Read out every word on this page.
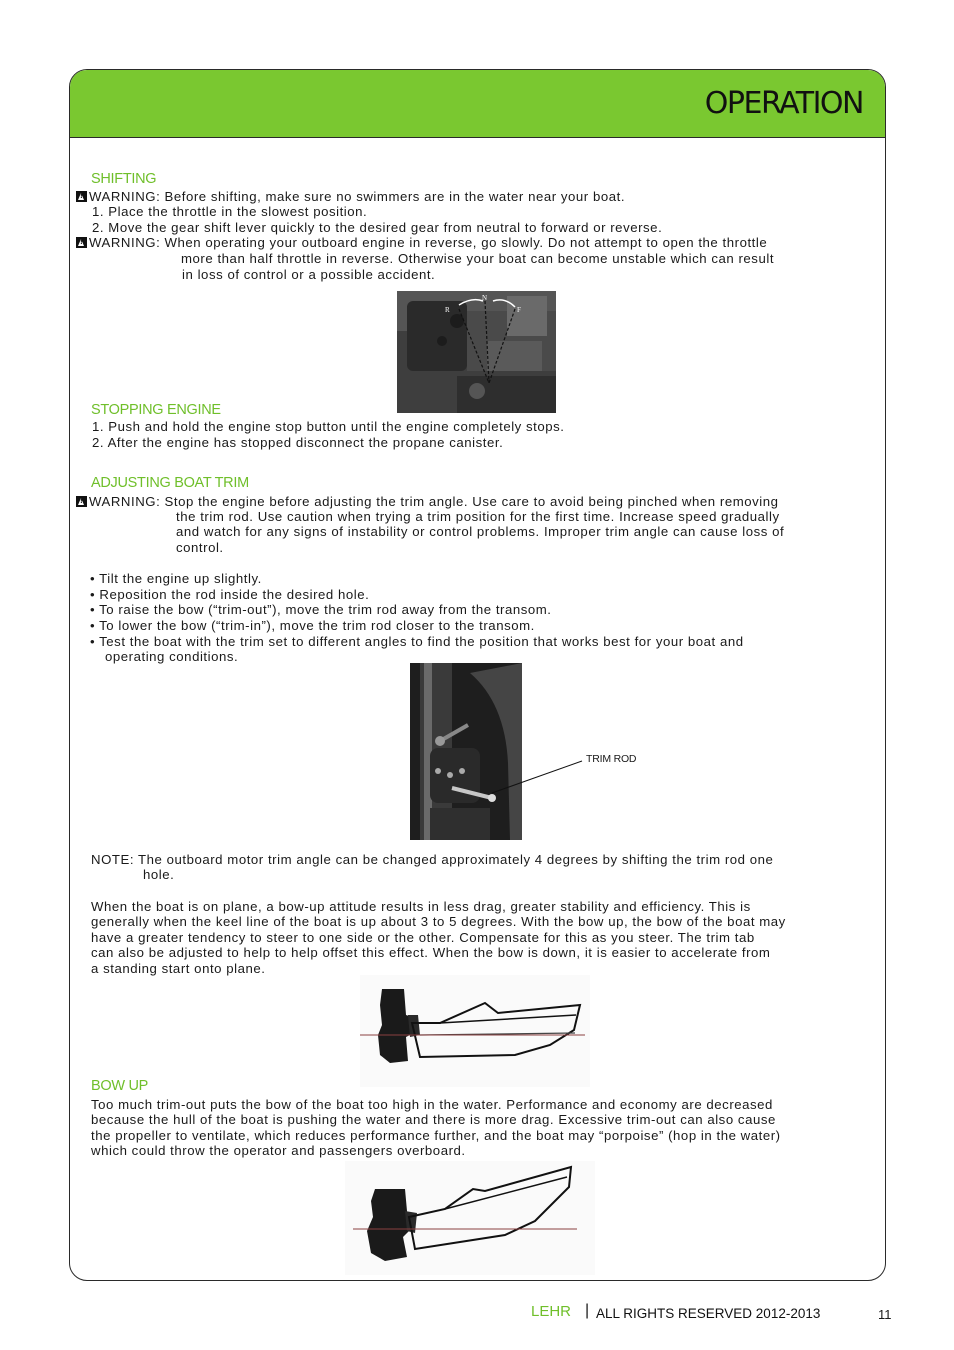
OPERATION
SHIFTING
!WARNING: Before shifting, make sure no swimmers are in the water near your boat.
1. Place the throttle in the slowest position.
2. Move the gear shift lever quickly to the desired gear from neutral to forward or reverse.
!WARNING: When operating your outboard engine in reverse, go slowly. Do not attempt to open the throttle
more than half throttle in reverse. Otherwise your boat can become unstable which can result
in loss of control or a possible accident.
R
N
F
STOPPING ENGINE
1. Push and hold the engine stop button until the engine completely stops.
2. After the engine has stopped disconnect the propane canister.
ADJUSTING BOAT TRIM
!WARNING: Stop the engine before adjusting the trim angle. Use care to avoid being pinched when removing
the trim rod. Use caution when trying a trim position for the first time. Increase speed gradually
and watch for any signs of instability or control problems. Improper trim angle can cause loss of
control.
• Tilt the engine up slightly.
• Reposition the rod inside the desired hole.
• To raise the bow (“trim-out”), move the trim rod away from the transom.
• To lower the bow (“trim-in”), move the trim rod closer to the transom.
• Test the boat with the trim set to different angles to find the position that works best for your boat and
operating conditions.
TRIM ROD
NOTE: The outboard motor trim angle can be changed approximately 4 degrees by shifting the trim rod one
hole.
When the boat is on plane, a bow-up attitude results in less drag, greater stability and efficiency. This is
generally when the keel line of the boat is up about 3 to 5 degrees. With the bow up, the bow of the boat may
have a greater tendency to steer to one side or the other. Compensate for this as you steer. The trim tab
can also be adjusted to help to help offset this effect. When the bow is down, it is easier to accelerate from
a standing start onto plane.
BOW UP
Too much trim-out puts the bow of the boat too high in the water. Performance and economy are decreased
because the hull of the boat is pushing the water and there is more drag. Excessive trim-out can also cause
the propeller to ventilate, which reduces performance further, and the boat may “porpoise” (hop in the water)
which could throw the operator and passengers overboard.
LEHR | ALL RIGHTS RESERVED 2012-2013	11
